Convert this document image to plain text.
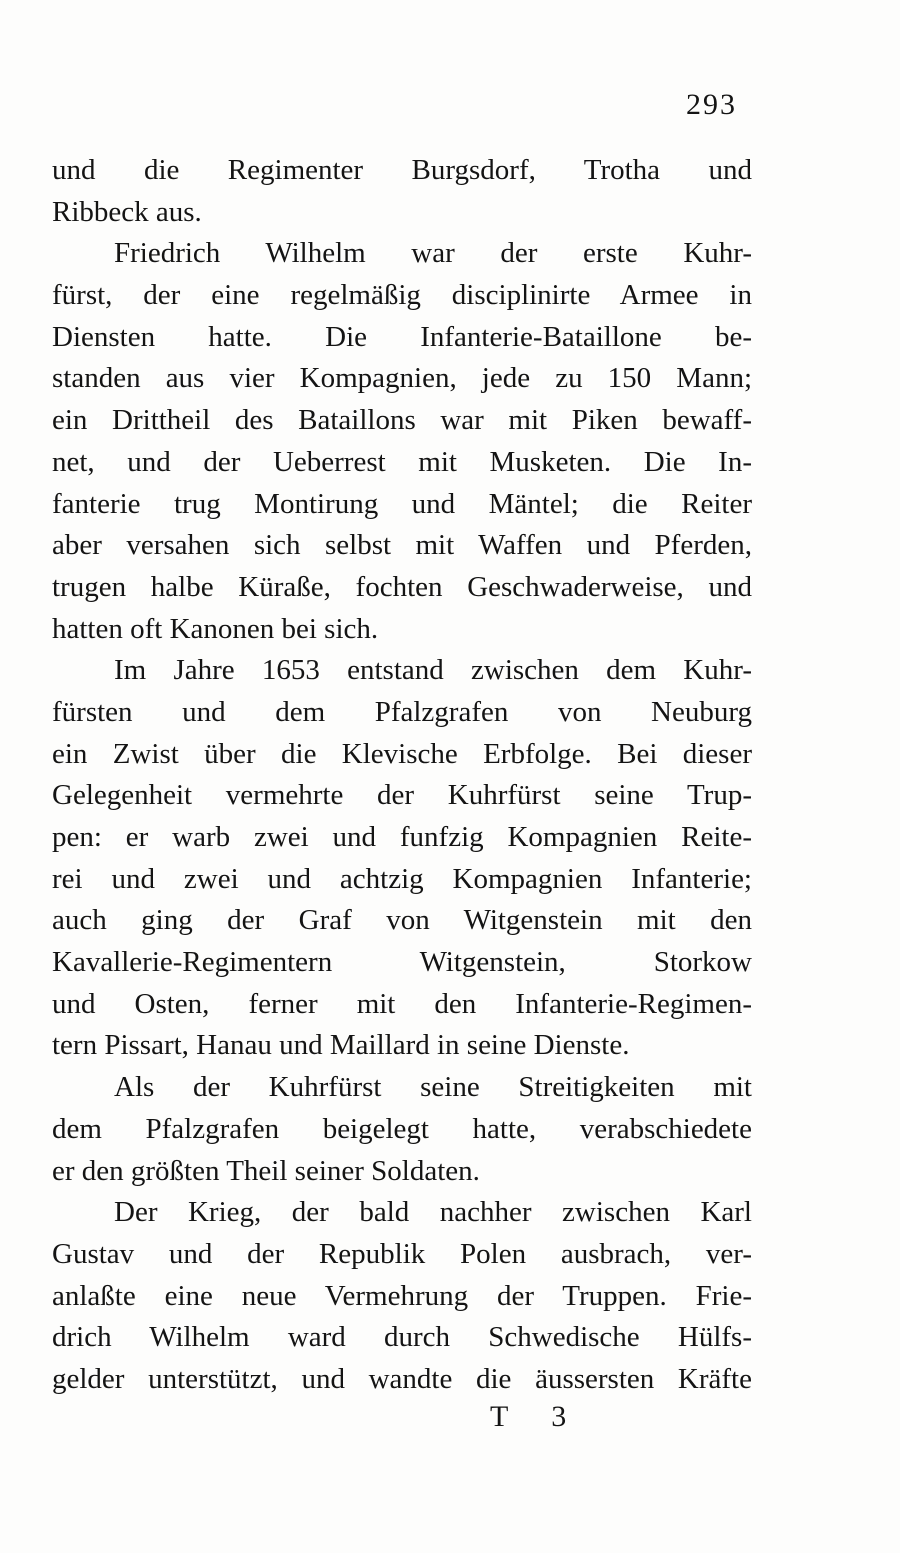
293
und die Regimenter Burgsdorf, Trotha und
Ribbeck aus.
Friedrich Wilhelm war der erste Kuhr-
fürst, der eine regelmäßig disciplinirte Armee in
Diensten hatte. Die Infanterie-Bataillone be-
standen aus vier Kompagnien, jede zu 150 Mann;
ein Drittheil des Bataillons war mit Piken bewaff-
net, und der Ueberrest mit Musketen. Die In-
fanterie trug Montirung und Mäntel; die Reiter
aber versahen sich selbst mit Waffen und Pferden,
trugen halbe Küraße, fochten Geschwaderweise, und
hatten oft Kanonen bei sich.
Im Jahre 1653 entstand zwischen dem Kuhr-
fürsten und dem Pfalzgrafen von Neuburg
ein Zwist über die Klevische Erbfolge. Bei dieser
Gelegenheit vermehrte der Kuhrfürst seine Trup-
pen: er warb zwei und funfzig Kompagnien Reite-
rei und zwei und achtzig Kompagnien Infanterie;
auch ging der Graf von Witgenstein mit den
Kavallerie-Regimentern Witgenstein, Storkow
und Osten, ferner mit den Infanterie-Regimen-
tern Pissart, Hanau und Maillard in seine Dienste.
Als der Kuhrfürst seine Streitigkeiten mit
dem Pfalzgrafen beigelegt hatte, verabschiedete
er den größten Theil seiner Soldaten.
Der Krieg, der bald nachher zwischen Karl
Gustav und der Republik Polen ausbrach, ver-
anlaßte eine neue Vermehrung der Truppen. Frie-
drich Wilhelm ward durch Schwedische Hülfs-
gelder unterstützt, und wandte die äussersten Kräfte
T 3
